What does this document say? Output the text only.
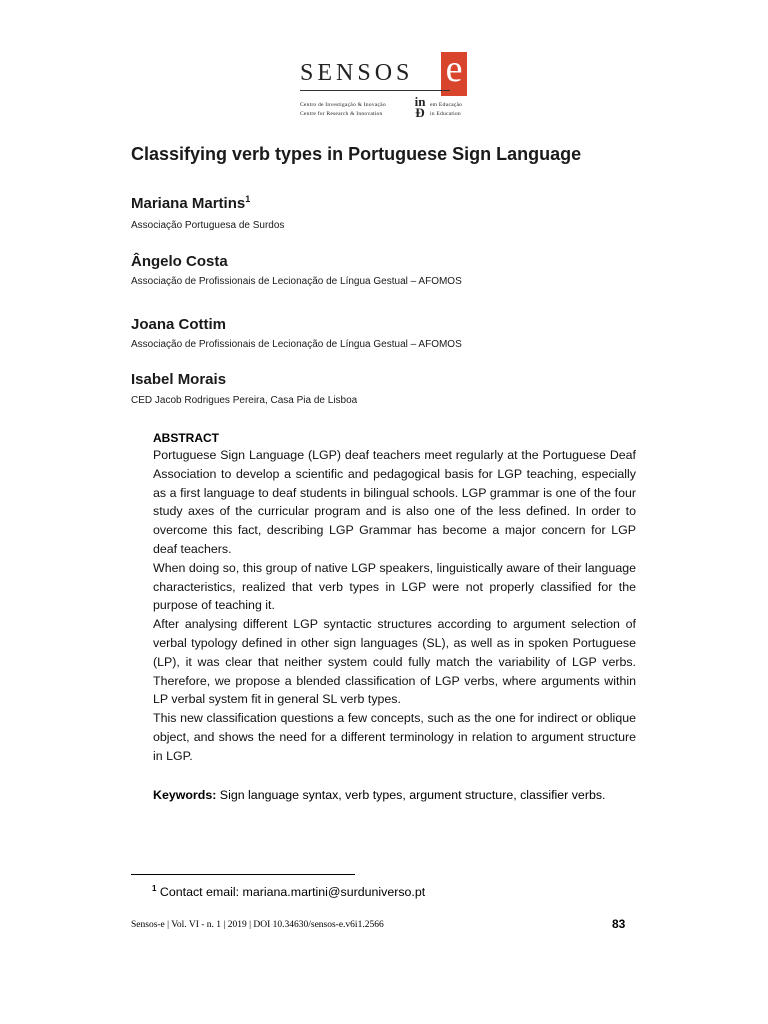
SENSOS e
in
Ð
Centro de Investigação & Inovação
Centre for Research & Innovation
em Educação
in Education
Classifying verb types in Portuguese Sign Language
Mariana Martins$^1$
Associação Portuguesa de Surdos
Ângelo Costa
Associação de Profissionais de Lecionação de Língua Gestual – AFOMOS
Joana Cottim
Associação de Profissionais de Lecionação de Língua Gestual – AFOMOS
Isabel Morais
CED Jacob Rodrigues Pereira, Casa Pia de Lisboa
ABSTRACT

Portuguese Sign Language (LGP) deaf teachers meet regularly at the Portuguese Deaf Association to develop a scientific and pedagogical basis for LGP teaching, especially as a first language to deaf students in bilingual schools. LGP grammar is one of the four study axes of the curricular program and is also one of the less defined. In order to overcome this fact, describing LGP Grammar has become a major concern for LGP deaf teachers.

When doing so, this group of native LGP speakers, linguistically aware of their language characteristics, realized that verb types in LGP were not properly classified for the purpose of teaching it.

After analysing different LGP syntactic structures according to argument selection of verbal typology defined in other sign languages (SL), as well as in spoken Portuguese (LP), it was clear that neither system could fully match the variability of LGP verbs. Therefore, we propose a blended classification of LGP verbs, where arguments within LP verbal system fit in general SL verb types.

This new classification questions a few concepts, such as the one for indirect or oblique object, and shows the need for a different terminology in relation to argument structure in LGP.

Keywords: Sign language syntax, verb types, argument structure, classifier verbs.
$^1$ Contact email: mariana.martini@surduniverso.pt
Sensos-e | Vol. VI - n. 1 | 2019 | DOI 10.34630/sensos-e.v6i1.2566	83
